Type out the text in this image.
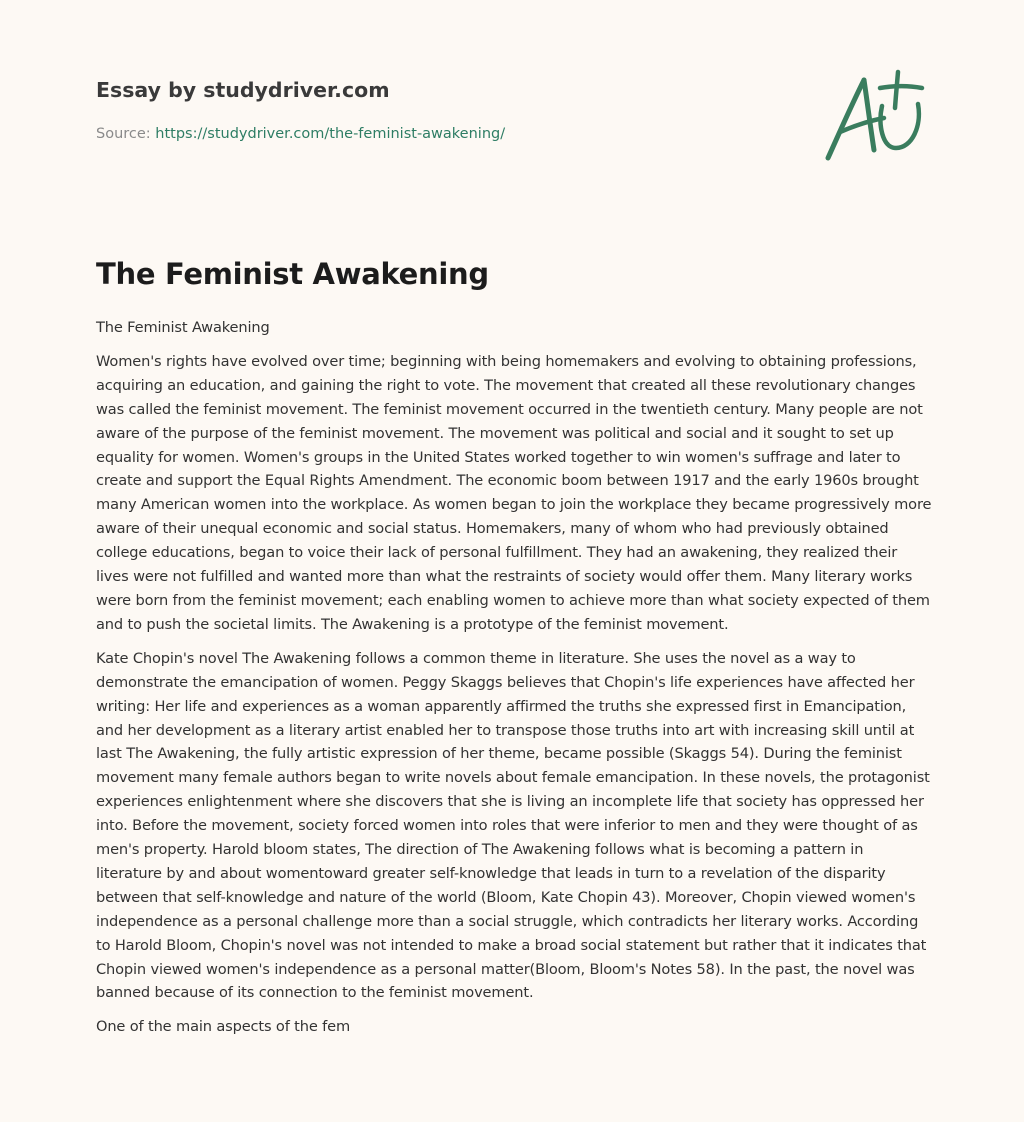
Essay by studydriver.com
Source: https://studydriver.com/the-feminist-awakening/
The Feminist Awakening

The Feminist Awakening

Women's rights have evolved over time; beginning with being homemakers and evolving to obtaining professions, acquiring an education, and gaining the right to vote. The movement that created all these revolutionary changes was called the feminist movement. The feminist movement occurred in the twentieth century. Many people are not aware of the purpose of the feminist movement. The movement was political and social and it sought to set up equality for women. Women's groups in the United States worked together to win women's suffrage and later to create and support the Equal Rights Amendment. The economic boom between 1917 and the early 1960s brought many American women into the workplace. As women began to join the workplace they became progressively more aware of their unequal economic and social status. Homemakers, many of whom who had previously obtained college educations, began to voice their lack of personal fulfillment. They had an awakening, they realized their lives were not fulfilled and wanted more than what the restraints of society would offer them. Many literary works were born from the feminist movement; each enabling women to achieve more than what society expected of them and to push the societal limits. The Awakening is a prototype of the feminist movement.

Kate Chopin's novel The Awakening follows a common theme in literature. She uses the novel as a way to demonstrate the emancipation of women. Peggy Skaggs believes that Chopin's life experiences have affected her writing: Her life and experiences as a woman apparently affirmed the truths she expressed first in Emancipation, and her development as a literary artist enabled her to transpose those truths into art with increasing skill until at last The Awakening, the fully artistic expression of her theme, became possible (Skaggs 54). During the feminist movement many female authors began to write novels about female emancipation. In these novels, the protagonist experiences enlightenment where she discovers that she is living an incomplete life that society has oppressed her into. Before the movement, society forced women into roles that were inferior to men and they were thought of as men's property. Harold bloom states, The direction of The Awakening follows what is becoming a pattern in literature by and about womentoward greater self-knowledge that leads in turn to a revelation of the disparity between that self-knowledge and nature of the world (Bloom, Kate Chopin 43). Moreover, Chopin viewed women's independence as a personal challenge more than a social struggle, which contradicts her literary works. According to Harold Bloom, Chopin's novel was not intended to make a broad social statement but rather that it indicates that Chopin viewed women's independence as a personal matter(Bloom, Bloom's Notes 58). In the past, the novel was banned because of its connection to the feminist movement.

One of the main aspects of the fem
